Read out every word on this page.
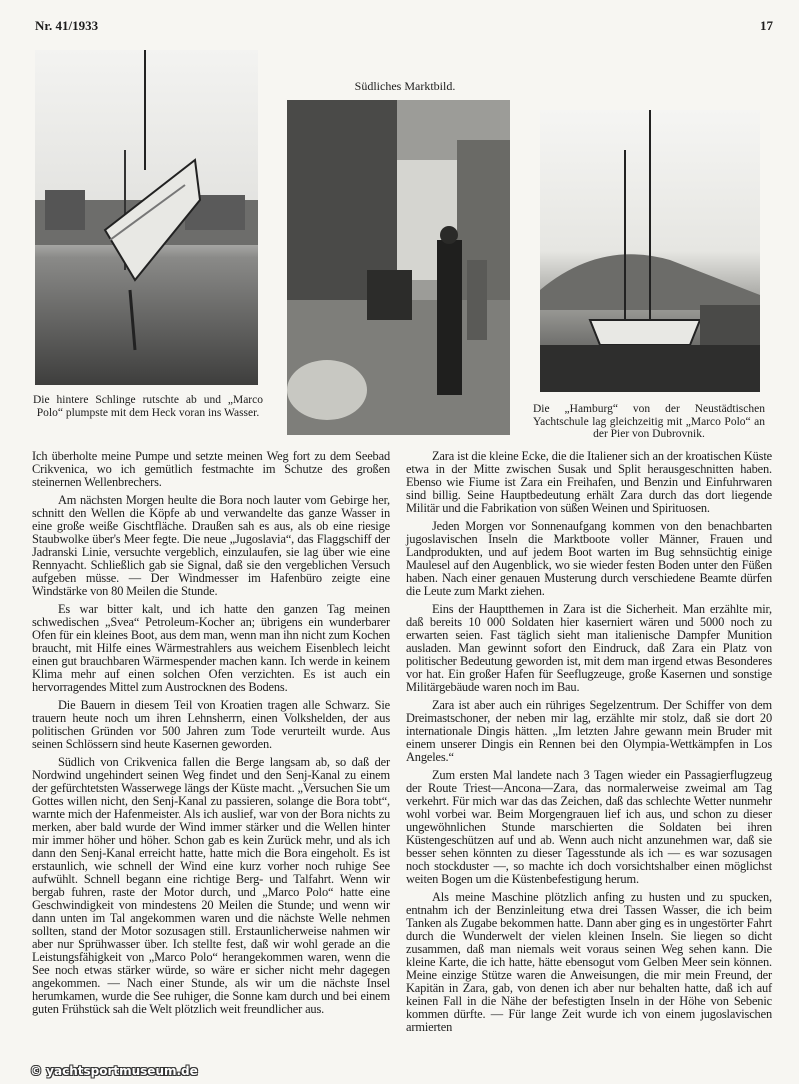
Nr. 41/1933	17

Die hintere Schlinge rutschte ab und „Marco Polo“ plumpste mit dem Heck voran ins Wasser.

Südliches Marktbild.

Die „Hamburg“ von der Neustädtischen Yachtschule lag gleichzeitig mit „Marco Polo“ an der Pier von Dubrovnik.

Ich überholte meine Pumpe und setzte meinen Weg fort zu dem Seebad Crikvenica, wo ich gemütlich festmachte im Schutze des großen steinernen Wellenbrechers.

Am nächsten Morgen heulte die Bora noch lauter vom Gebirge her, schnitt den Wellen die Köpfe ab und verwandelte das ganze Wasser in eine große weiße Gischtfläche. Draußen sah es aus, als ob eine riesige Staubwolke über's Meer fegte. Die neue „Jugoslavia“, das Flaggschiff der Jadranski Linie, versuchte vergeblich, einzulaufen, sie lag über wie eine Rennyacht. Schließlich gab sie Signal, daß sie den vergeblichen Versuch aufgeben müsse. — Der Windmesser im Hafenbüro zeigte eine Windstärke von 80 Meilen die Stunde.

Es war bitter kalt, und ich hatte den ganzen Tag meinen schwedischen „Svea“ Petroleum-Kocher an; übrigens ein wunderbarer Ofen für ein kleines Boot, aus dem man, wenn man ihn nicht zum Kochen braucht, mit Hilfe eines Wärmestrahlers aus weichem Eisenblech leicht einen gut brauchbaren Wärmespender machen kann. Ich werde in keinem Klima mehr auf einen solchen Ofen verzichten. Es ist auch ein hervorragendes Mittel zum Austrocknen des Bodens.

Die Bauern in diesem Teil von Kroatien tragen alle Schwarz. Sie trauern heute noch um ihren Lehnsherrn, einen Volkshelden, der aus politischen Gründen vor 500 Jahren zum Tode verurteilt wurde. Aus seinen Schlössern sind heute Kasernen geworden.

Südlich von Crikvenica fallen die Berge langsam ab, so daß der Nordwind ungehindert seinen Weg findet und den Senj-Kanal zu einem der gefürchtetsten Wasserwege längs der Küste macht. „Versuchen Sie um Gottes willen nicht, den Senj-Kanal zu passieren, solange die Bora tobt“, warnte mich der Hafenmeister. Als ich auslief, war von der Bora nichts zu merken, aber bald wurde der Wind immer stärker und die Wellen hinter mir immer höher und höher. Schon gab es kein Zurück mehr, und als ich dann den Senj-Kanal erreicht hatte, hatte mich die Bora eingeholt. Es ist erstaunlich, wie schnell der Wind eine kurz vorher noch ruhige See aufwühlt. Schnell begann eine richtige Berg- und Talfahrt. Wenn wir bergab fuhren, raste der Motor durch, und „Marco Polo“ hatte eine Geschwindigkeit von mindestens 20 Meilen die Stunde; und wenn wir dann unten im Tal angekommen waren und die nächste Welle nehmen sollten, stand der Motor sozusagen still. Erstaunlicherweise nahmen wir aber nur Sprühwasser über. Ich stellte fest, daß wir wohl gerade an die Leistungsfähigkeit von „Marco Polo“ herangekommen waren, wenn die See noch etwas stärker würde, so wäre er sicher nicht mehr dagegen angekommen. — Nach einer Stunde, als wir um die nächste Insel herumkamen, wurde die See ruhiger, die Sonne kam durch und bei einem guten Frühstück sah die Welt plötzlich weit freundlicher aus.

Zara ist die kleine Ecke, die die Italiener sich an der kroatischen Küste etwa in der Mitte zwischen Susak und Split herausgeschnitten haben. Ebenso wie Fiume ist Zara ein Freihafen, und Benzin und Einfuhrwaren sind billig. Seine Hauptbedeutung erhält Zara durch das dort liegende Militär und die Fabrikation von süßen Weinen und Spirituosen.

Jeden Morgen vor Sonnenaufgang kommen von den benachbarten jugoslavischen Inseln die Marktboote voller Männer, Frauen und Landprodukten, und auf jedem Boot warten im Bug sehnsüchtig einige Maulesel auf den Augenblick, wo sie wieder festen Boden unter den Füßen haben. Nach einer genauen Musterung durch verschiedene Beamte dürfen die Leute zum Markt ziehen.

Eins der Hauptthemen in Zara ist die Sicherheit. Man erzählte mir, daß bereits 10 000 Soldaten hier kaserniert wären und 5000 noch zu erwarten seien. Fast täglich sieht man italienische Dampfer Munition ausladen. Man gewinnt sofort den Eindruck, daß Zara ein Platz von politischer Bedeutung geworden ist, mit dem man irgend etwas Besonderes vor hat. Ein großer Hafen für Seeflugzeuge, große Kasernen und sonstige Militärgebäude waren noch im Bau.

Zara ist aber auch ein rühriges Segelzentrum. Der Schiffer von dem Dreimastschoner, der neben mir lag, erzählte mir stolz, daß sie dort 20 internationale Dingis hätten. „Im letzten Jahre gewann mein Bruder mit einem unserer Dingis ein Rennen bei den Olympia-Wettkämpfen in Los Angeles.“

Zum ersten Mal landete nach 3 Tagen wieder ein Passagierflugzeug der Route Triest—Ancona—Zara, das normalerweise zweimal am Tag verkehrt. Für mich war das das Zeichen, daß das schlechte Wetter nunmehr wohl vorbei war. Beim Morgengrauen lief ich aus, und schon zu dieser ungewöhnlichen Stunde marschierten die Soldaten bei ihren Küstengeschützen auf und ab. Wenn auch nicht anzunehmen war, daß sie besser sehen könnten zu dieser Tagesstunde als ich — es war sozusagen noch stockduster —, so machte ich doch vorsichtshalber einen möglichst weiten Bogen um die Küstenbefestigung herum.

Als meine Maschine plötzlich anfing zu husten und zu spucken, entnahm ich der Benzinleitung etwa drei Tassen Wasser, die ich beim Tanken als Zugabe bekommen hatte. Dann aber ging es in ungestörter Fahrt durch die Wunderwelt der vielen kleinen Inseln. Sie liegen so dicht zusammen, daß man niemals weit voraus seinen Weg sehen kann. Die kleine Karte, die ich hatte, hätte ebensogut vom Gelben Meer sein können. Meine einzige Stütze waren die Anweisungen, die mir mein Freund, der Kapitän in Zara, gab, von denen ich aber nur behalten hatte, daß ich auf keinen Fall in die Nähe der befestigten Inseln in der Höhe von Sebenic kommen dürfte. — Für lange Zeit wurde ich von einem jugoslavischen armierten

© yachtsportmuseum.de
